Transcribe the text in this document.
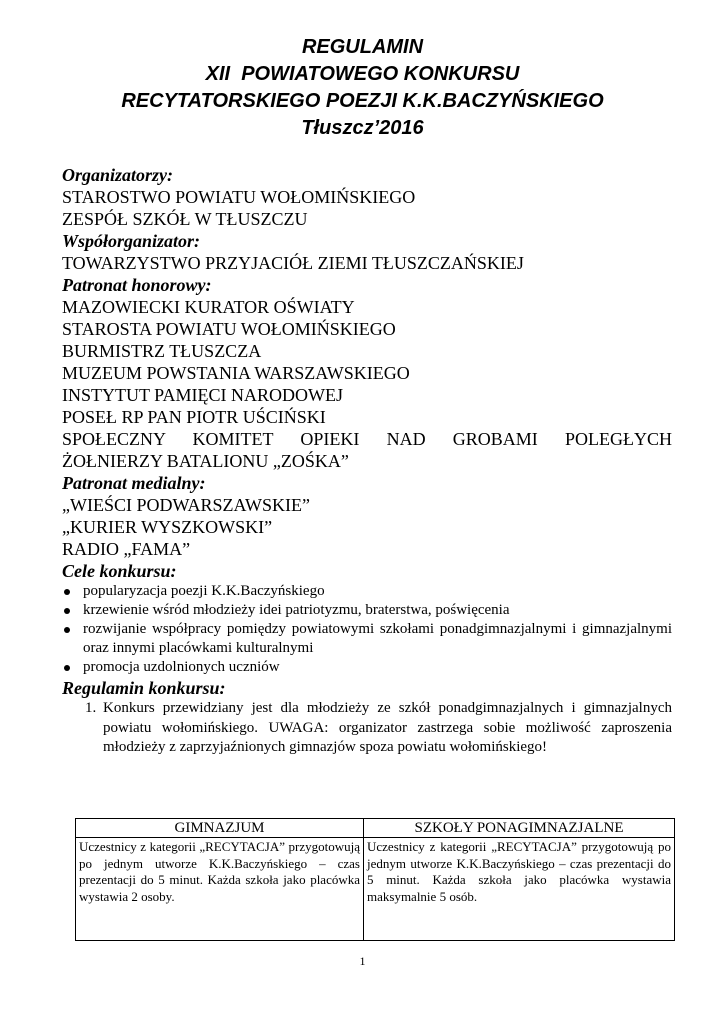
REGULAMIN
XII  POWIATOWEGO KONKURSU
RECYTATORSKIEGO POEZJI K.K.BACZYŃSKIEGO
Tłuszcz’2016

Organizatorzy:

STAROSTWO POWIATU WOŁOMIŃSKIEGO

ZESPÓŁ SZKÓŁ W TŁUSZCZU

Współorganizator:

TOWARZYSTWO PRZYJACIÓŁ ZIEMI TŁUSZCZAŃSKIEJ

Patronat honorowy:

MAZOWIECKI KURATOR OŚWIATY

STAROSTA POWIATU WOŁOMIŃSKIEGO

BURMISTRZ TŁUSZCZA

MUZEUM POWSTANIA WARSZAWSKIEGO

INSTYTUT PAMIĘCI NARODOWEJ

POSEŁ RP PAN PIOTR UŚCIŃSKI

SPOŁECZNY KOMITET OPIEKI NAD GROBAMI POLEGŁYCH

ŻOŁNIERZY BATALIONU „ZOŚKA”

Patronat medialny:

„WIEŚCI PODWARSZAWSKIE”

„KURIER WYSZKOWSKI”

RADIO „FAMA”

Cele konkursu:

popularyzacja poezji K.K.Baczyńskiego
krzewienie wśród młodzieży idei patriotyzmu, braterstwa, poświęcenia
rozwijanie współpracy pomiędzy powiatowymi szkołami ponadgimnazjalnymi i gimnazjalnymi oraz innymi placówkami kulturalnymi
promocja uzdolnionych uczniów

Regulamin konkursu:

1. Konkurs przewidziany jest dla młodzieży ze szkół ponadgimnazjalnych i gimnazjalnych powiatu wołomińskiego. UWAGA: organizator zastrzega sobie możliwość zaproszenia młodzieży z zaprzyjaźnionych gimnazjów spoza powiatu wołomińskiego!
GIMNAZJUM	SZKOŁY PONAGIMNAZJALNE
Uczestnicy z kategorii „RECYTACJA” przygotowują po jednym utworze K.K.Baczyńskiego – czas prezentacji do 5 minut. Każda szkoła jako placówka wystawia 2 osoby.	Uczestnicy z kategorii „RECYTACJA” przygotowują po jednym utworze K.K.Baczyńskiego – czas prezentacji do 5 minut. Każda szkoła jako placówka wystawia maksymalnie 5 osób.
1
